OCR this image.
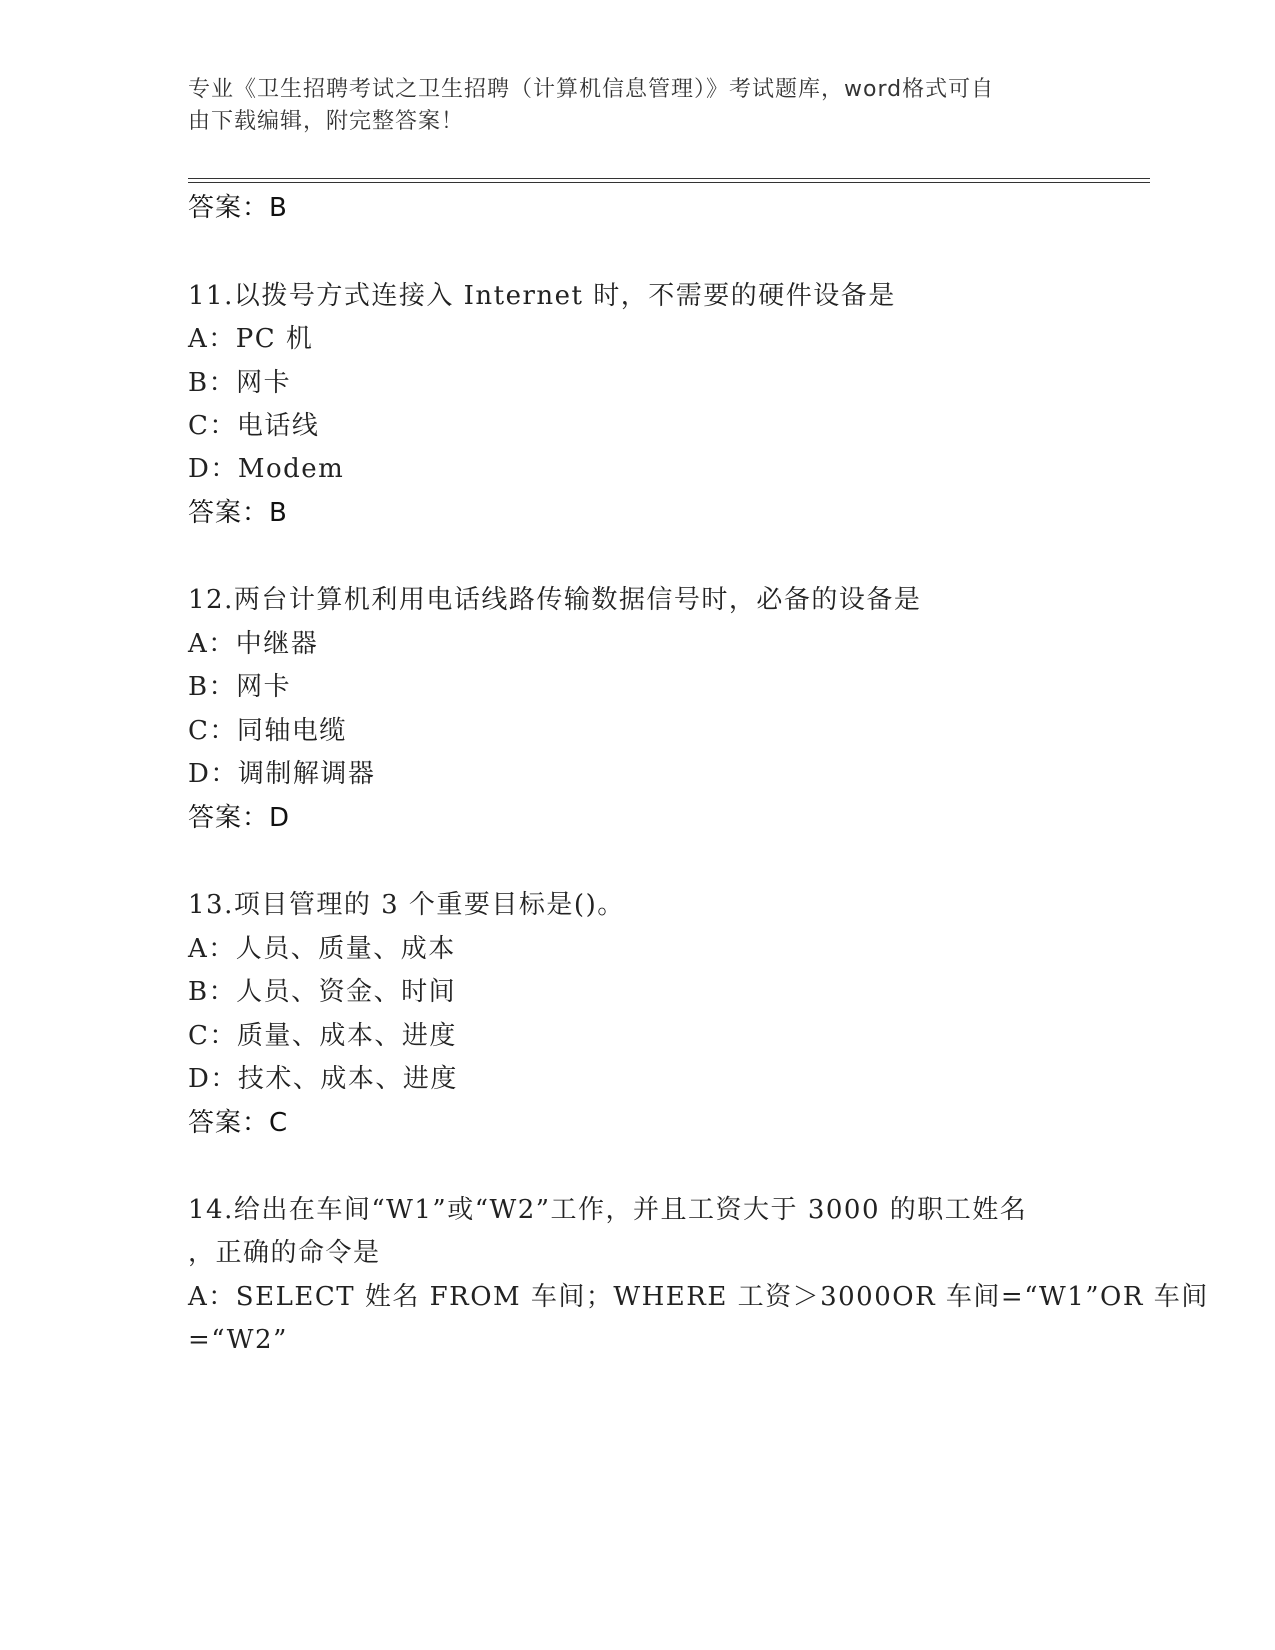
专业《卫生招聘考试之卫生招聘（计算机信息管理）》考试题库，word格式可自
由下载编辑，附完整答案！
答案：B
11.以拨号方式连接入 Internet 时，不需要的硬件设备是
A：PC 机
B：网卡
C：电话线
D：Modem
答案：B
12.两台计算机利用电话线路传输数据信号时，必备的设备是
A：中继器
B：网卡
C：同轴电缆
D：调制解调器
答案：D
13.项目管理的 3 个重要目标是()。
A：人员、质量、成本
B：人员、资金、时间
C：质量、成本、进度
D：技术、成本、进度
答案：C
14.给出在车间“W1”或“W2”工作，并且工资大于 3000 的职工姓名
，正确的命令是
A：SELECT 姓名 FROM 车间；WHERE 工资＞3000OR 车间=“W1”OR 车间
=“W2”
